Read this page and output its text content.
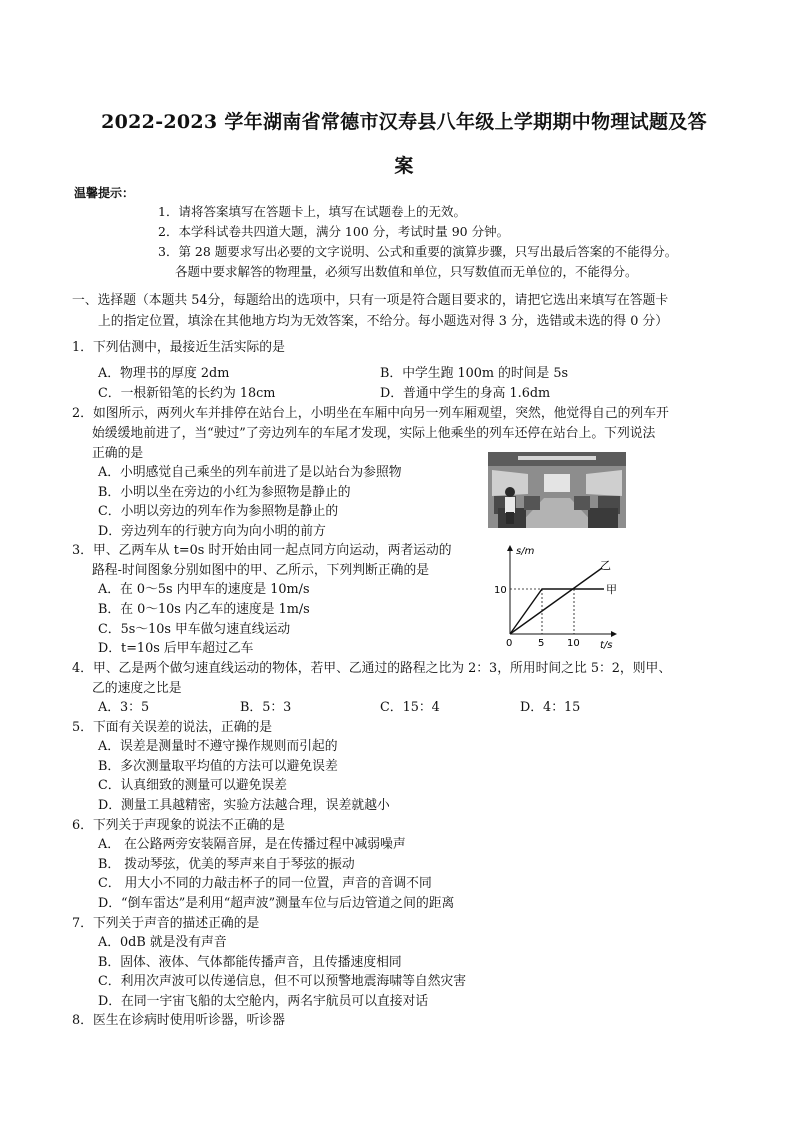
2022-2023 学年湖南省常德市汉寿县八年级上学期期中物理试题及答
案
温馨提示：
1．请将答案填写在答题卡上，填写在试题卷上的无效。
2．本学科试卷共四道大题，满分 100 分，考试时量 90 分钟。
3．第 28 题要求写出必要的文字说明、公式和重要的演算步骤，只写出最后答案的不能得分。
各题中要求解答的物理量，必须写出数值和单位，只写数值而无单位的，不能得分。
一、选择题（本题共 54分，每题给出的选项中，只有一项是符合题目要求的，请把它选出来填写在答题卡
上的指定位置，填涂在其他地方均为无效答案，不给分。每小题选对得 3 分，选错或未选的得 0 分）
1．下列估测中，最接近生活实际的是
A．物理书的厚度 2dm	B．中学生跑 100m 的时间是 5s
C．一根新铅笔的长约为 18cm	D．普通中学生的身高 1.6dm
2．如图所示，两列火车并排停在站台上，小明坐在车厢中向另一列车厢观望，突然，他觉得自己的列车开
始缓缓地前进了，当“驶过”了旁边列车的车尾才发现，实际上他乘坐的列车还停在站台上。下列说法
正确的是
A．小明感觉自己乘坐的列车前进了是以站台为参照物
B．小明以坐在旁边的小红为参照物是静止的
C．小明以旁边的列车作为参照物是静止的
D．旁边列车的行驶方向为向小明的前方
3．甲、乙两车从 t=0s 时开始由同一起点同方向运动，两者运动的
路程-时间图象分别如图中的甲、乙所示，下列判断正确的是
A．在 0～5s 内甲车的速度是 10m/s
B．在 0～10s 内乙车的速度是 1m/s
C．5s～10s 甲车做匀速直线运动
D．t=10s 后甲车超过乙车
s/m
t/s
10
5 10
0
甲
乙
4．甲、乙是两个做匀速直线运动的物体，若甲、乙通过的路程之比为 2：3，所用时间之比 5：2，则甲、
乙的速度之比是
A．3：5	B．5：3	C．15：4	D．4：15
5．下面有关误差的说法，正确的是
A．误差是测量时不遵守操作规则而引起的
B．多次测量取平均值的方法可以避免误差
C．认真细致的测量可以避免误差
D．测量工具越精密，实验方法越合理，误差就越小
6．下列关于声现象的说法不正确的是
A． 在公路两旁安装隔音屏，是在传播过程中减弱噪声
B． 拨动琴弦，优美的琴声来自于琴弦的振动
C． 用大小不同的力敲击杯子的同一位置，声音的音调不同
D．“倒车雷达”是利用“超声波”测量车位与后边管道之间的距离
7．下列关于声音的描述正确的是
A．0dB 就是没有声音
B．固体、液体、气体都能传播声音，且传播速度相同
C．利用次声波可以传递信息，但不可以预警地震海啸等自然灾害
D．在同一宇宙飞船的太空舱内，两名宇航员可以直接对话
8．医生在诊病时使用听诊器，听诊器
